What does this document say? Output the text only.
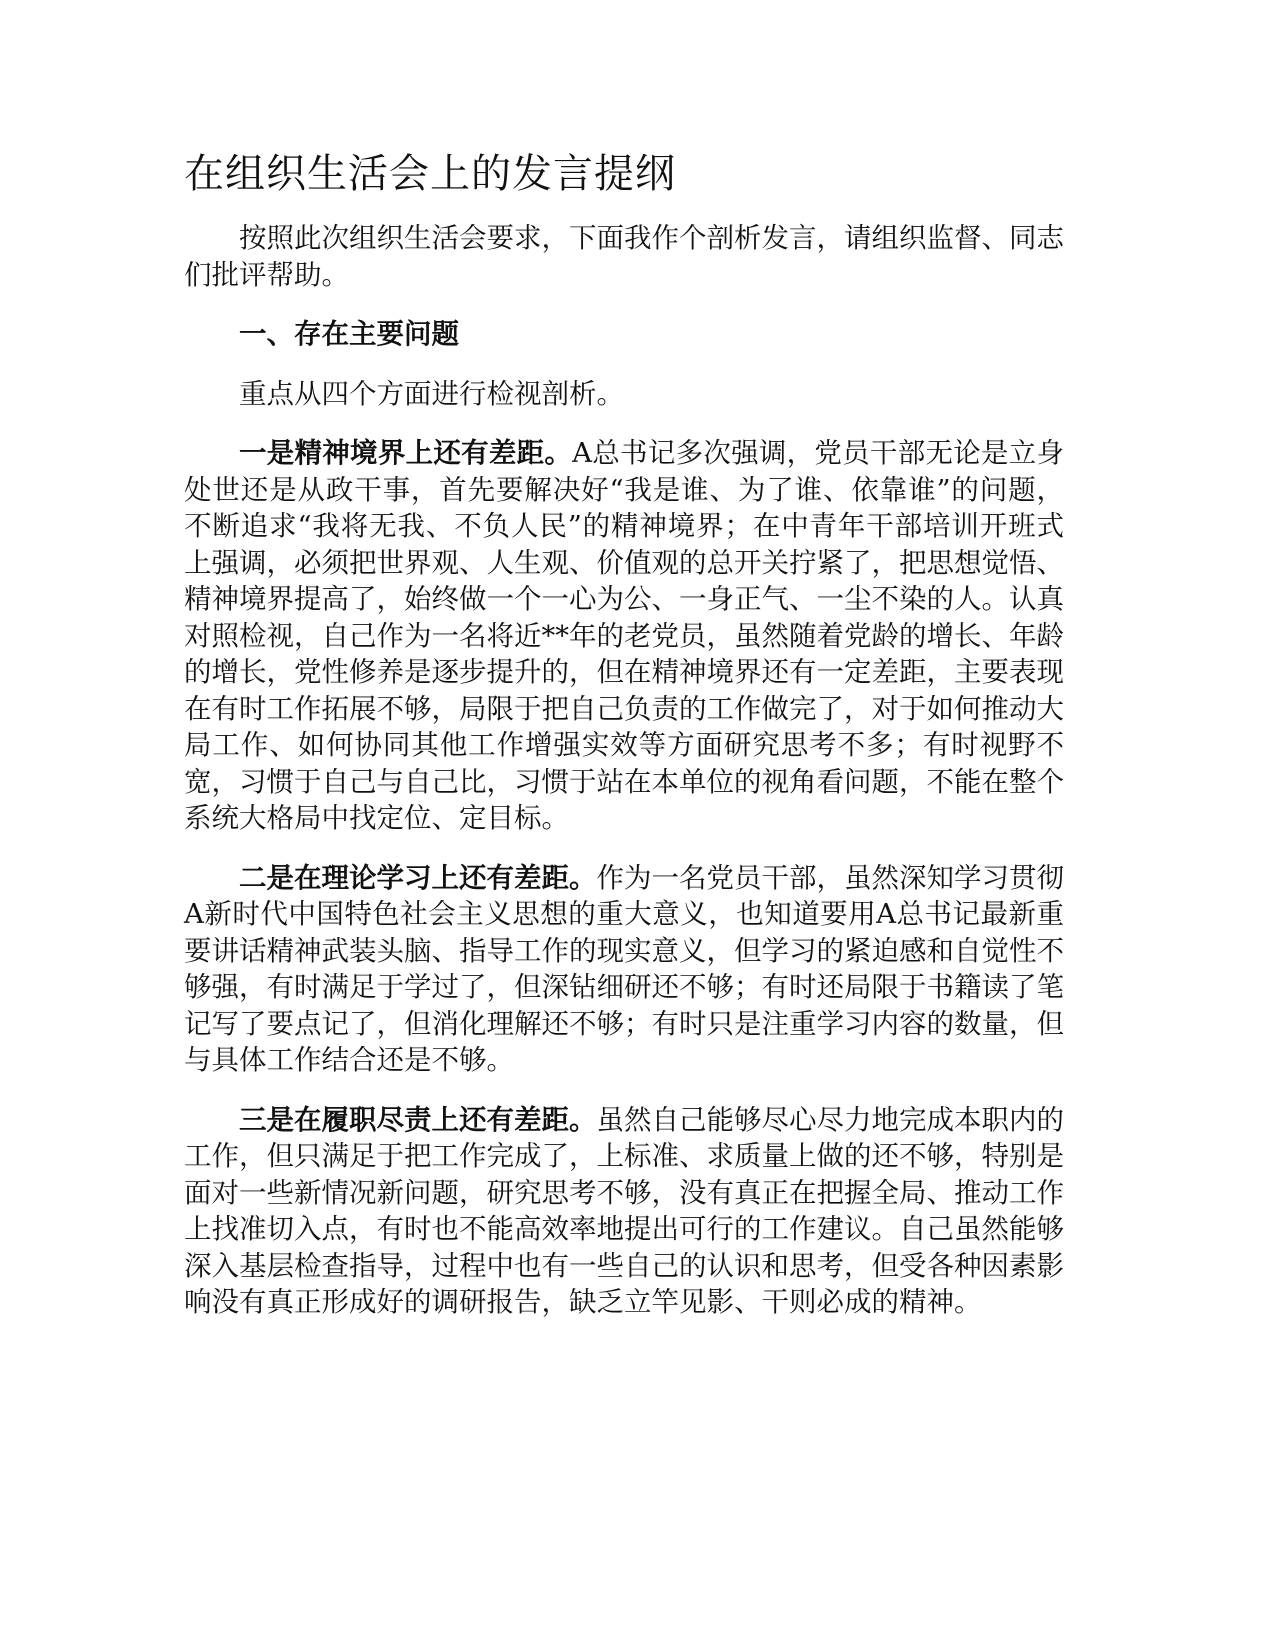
在组织生活会上的发言提纲

按照此次组织生活会要求，下面我作个剖析发言，请组织监督、同志们批评帮助。

一、存在主要问题

重点从四个方面进行检视剖析。

一是精神境界上还有差距。A总书记多次强调，党员干部无论是立身处世还是从政干事，首先要解决好“我是谁、为了谁、依靠谁”的问题，不断追求“我将无我、不负人民”的精神境界；在中青年干部培训开班式上强调，必须把世界观、人生观、价值观的总开关拧紧了，把思想觉悟、精神境界提高了，始终做一个一心为公、一身正气、一尘不染的人。认真对照检视，自己作为一名将近**年的老党员，虽然随着党龄的增长、年龄的增长，党性修养是逐步提升的，但在精神境界还有一定差距，主要表现在有时工作拓展不够，局限于把自己负责的工作做完了，对于如何推动大局工作、如何协同其他工作增强实效等方面研究思考不多；有时视野不宽，习惯于自己与自己比，习惯于站在本单位的视角看问题，不能在整个系统大格局中找定位、定目标。

二是在理论学习上还有差距。作为一名党员干部，虽然深知学习贯彻A新时代中国特色社会主义思想的重大意义，也知道要用A总书记最新重要讲话精神武装头脑、指导工作的现实意义，但学习的紧迫感和自觉性不够强，有时满足于学过了，但深钻细研还不够；有时还局限于书籍读了笔记写了要点记了，但消化理解还不够；有时只是注重学习内容的数量，但与具体工作结合还是不够。

三是在履职尽责上还有差距。虽然自己能够尽心尽力地完成本职内的工作，但只满足于把工作完成了，上标准、求质量上做的还不够，特别是面对一些新情况新问题，研究思考不够，没有真正在把握全局、推动工作上找准切入点，有时也不能高效率地提出可行的工作建议。自己虽然能够深入基层检查指导，过程中也有一些自己的认识和思考，但受各种因素影响没有真正形成好的调研报告，缺乏立竿见影、干则必成的精神。
